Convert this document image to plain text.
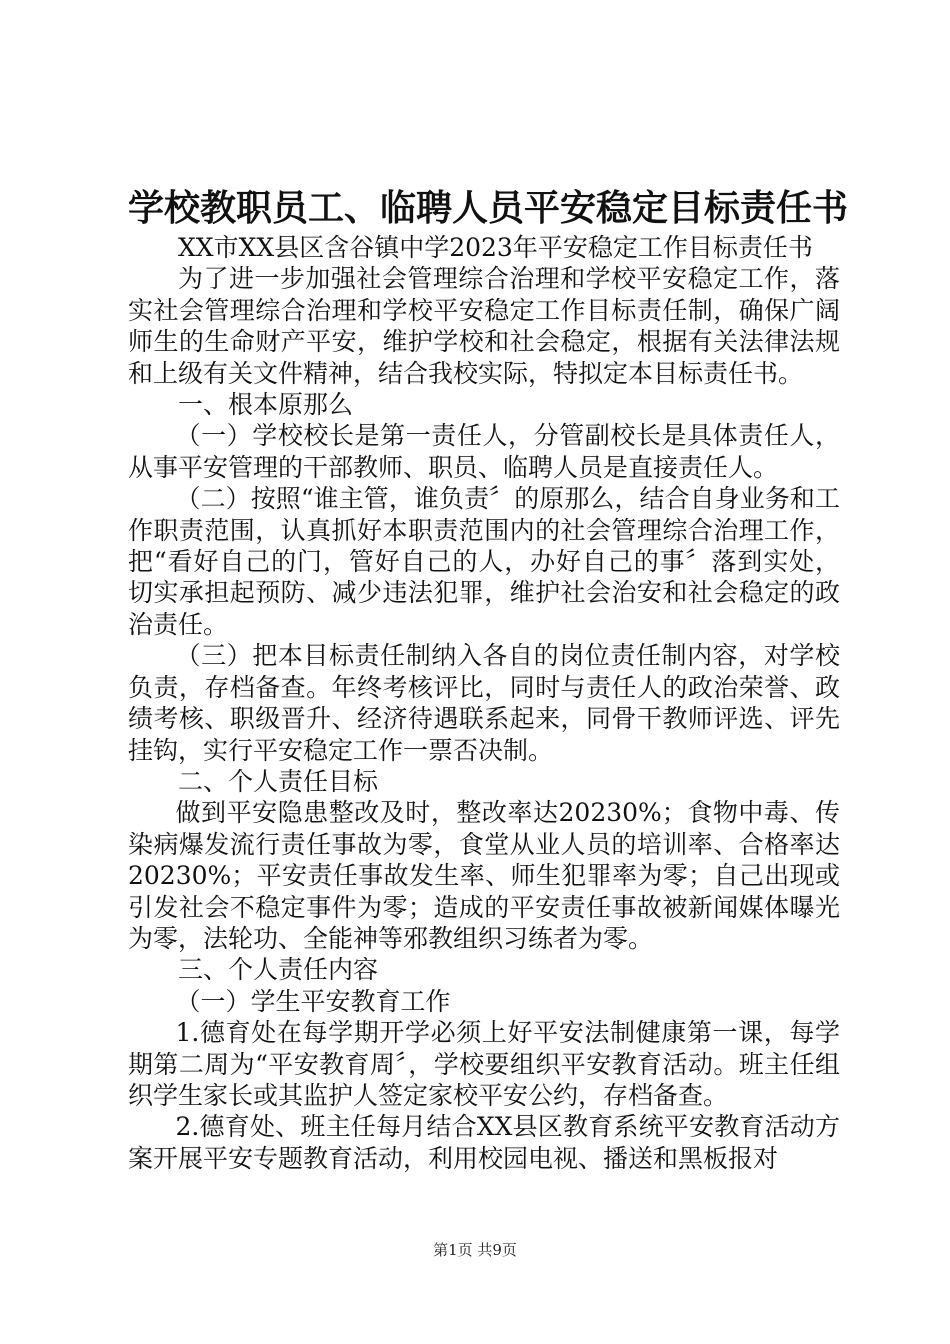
学校教职员工、临聘人员平安稳定目标责任书

XX市XX县区含谷镇中学2023年平安稳定工作目标责任书

为了进一步加强社会管理综合治理和学校平安稳定工作，落实社会管理综合治理和学校平安稳定工作目标责任制，确保广阔师生的生命财产平安，维护学校和社会稳定，根据有关法律法规和上级有关文件精神，结合我校实际，特拟定本目标责任书。

一、根本原那么

（一）学校校长是第一责任人，分管副校长是具体责任人，从事平安管理的干部教师、职员、临聘人员是直接责任人。

（二）按照“谁主管，谁负责〞的原那么，结合自身业务和工作职责范围，认真抓好本职责范围内的社会管理综合治理工作，把“看好自己的门，管好自己的人，办好自己的事〞落到实处，切实承担起预防、减少违法犯罪，维护社会治安和社会稳定的政治责任。

（三）把本目标责任制纳入各自的岗位责任制内容，对学校负责，存档备查。年终考核评比，同时与责任人的政治荣誉、政绩考核、职级晋升、经济待遇联系起来，同骨干教师评选、评先挂钩，实行平安稳定工作一票否决制。

二、个人责任目标

做到平安隐患整改及时，整改率达20230%；食物中毒、传染病爆发流行责任事故为零，食堂从业人员的培训率、合格率达20230%；平安责任事故发生率、师生犯罪率为零；自己出现或引发社会不稳定事件为零；造成的平安责任事故被新闻媒体曝光为零，法轮功、全能神等邪教组织习练者为零。

三、个人责任内容

（一）学生平安教育工作

1.德育处在每学期开学必须上好平安法制健康第一课，每学期第二周为“平安教育周〞，学校要组织平安教育活动。班主任组织学生家长或其监护人签定家校平安公约，存档备查。

2.德育处、班主任每月结合XX县区教育系统平安教育活动方案开展平安专题教育活动，利用校园电视、播送和黑板报对

第1页 共9页
